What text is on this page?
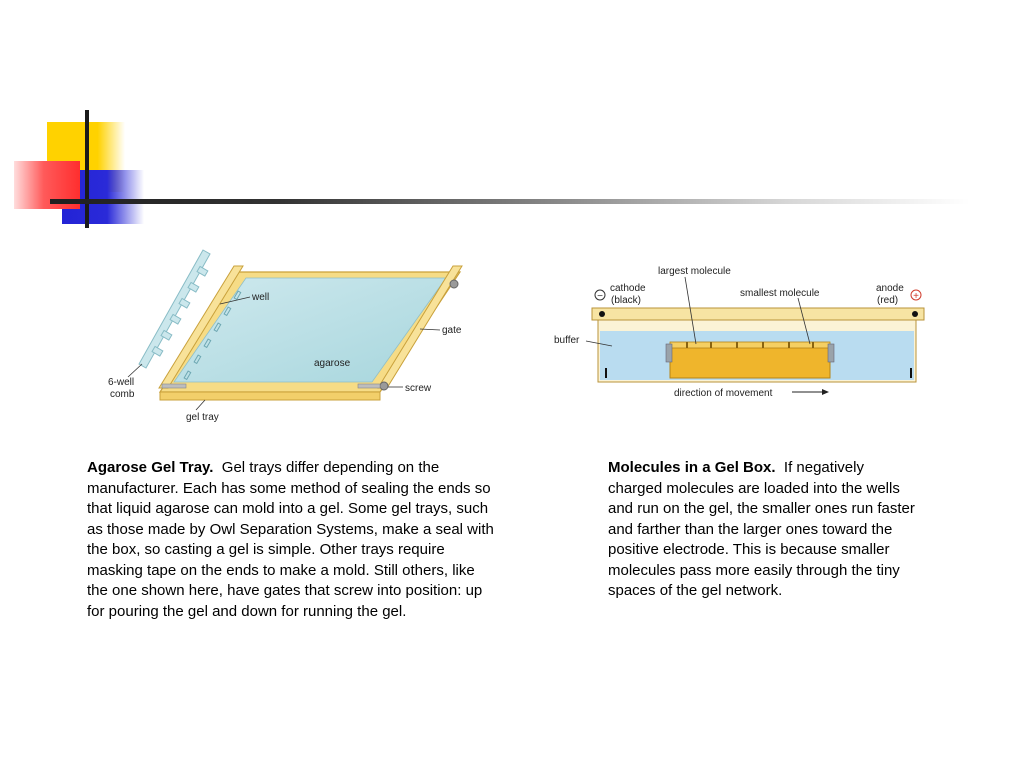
well
gate
agarose
screw
6-well
comb
gel tray
−	+
largest molecule
smallest molecule
cathode
(black)
anode
(red)
buffer
direction of movement
Agarose Gel Tray. Gel trays differ depending on the manufacturer. Each has some method of sealing the ends so that liquid agarose can mold into a gel. Some gel trays, such as those made by Owl Separation Systems, make a seal with the box, so casting a gel is simple. Other trays require masking tape on the ends to make a mold. Still others, like the one shown here, have gates that screw into position: up for pouring the gel and down for running the gel.
Molecules in a Gel Box. If negatively charged molecules are loaded into the wells and run on the gel, the smaller ones run faster and farther than the larger ones toward the positive electrode. This is because smaller molecules pass more easily through the tiny spaces of the gel network.
